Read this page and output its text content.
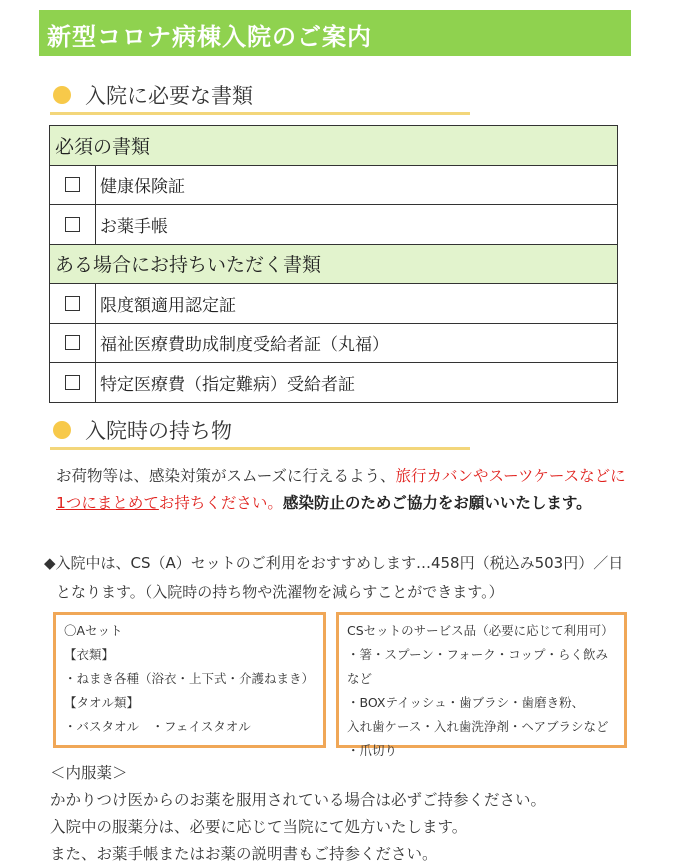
新型コロナ病棟入院のご案内
入院に必要な書類
必須の書類	
	健康保険証
	お薬手帳
ある場合にお持ちいただく書類	
	限度額適用認定証
	福祉医療費助成制度受給者証（丸福）
	特定医療費（指定難病）受給者証
入院時の持ち物
お荷物等は、感染対策がスムーズに行えるよう、旅行カバンやスーツケースなどに
1つにまとめてお持ちください。感染防止のためご協力をお願いいたします。
◆入院中は、CS（A）セットのご利用をおすすめします…458円（税込み503円）／日
となります。（入院時の持ち物や洗濯物を減らすことができます。）
〇Aセット
【衣類】
・ねまき各種（浴衣・上下式・介護ねまき）
【タオル類】
・バスタオル　・フェイスタオル
CSセットのサービス品（必要に応じて利用可）
・箸・スプーン・フォーク・コップ・らく飲みなど
・BOXテイッシュ・歯ブラシ・歯磨き粉、
入れ歯ケース・入れ歯洗浄剤・ヘアブラシなど
・爪切り
＜内服薬＞
かかりつけ医からのお薬を服用されている場合は必ずご持参ください。
入院中の服薬分は、必要に応じて当院にて処方いたします。
また、お薬手帳またはお薬の説明書もご持参ください。
